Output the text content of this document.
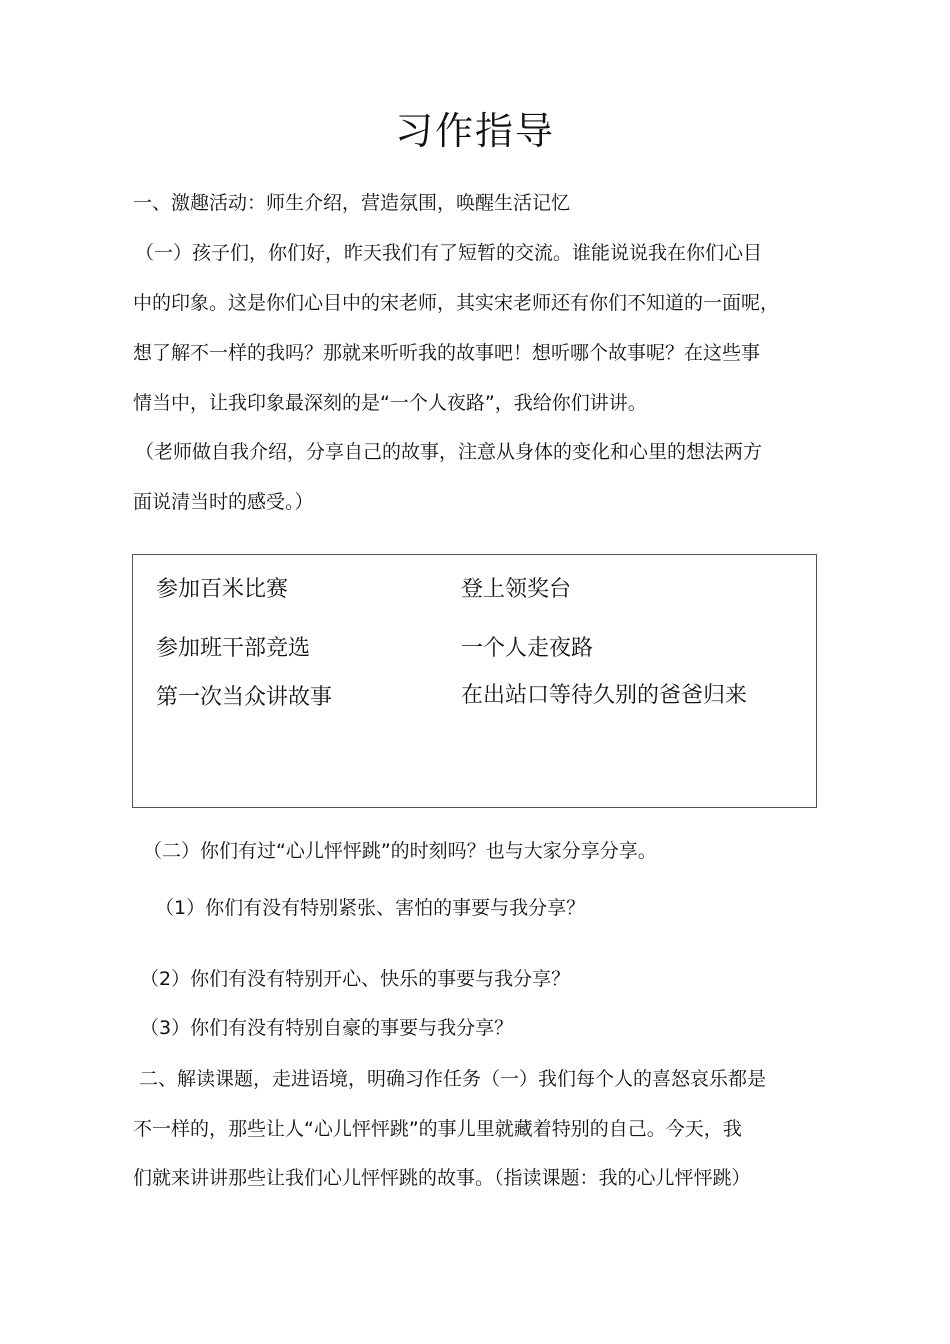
习作指导
一、激趣活动：师生介绍，营造氛围，唤醒生活记忆
（一）孩子们，你们好，昨天我们有了短暂的交流。谁能说说我在你们心目
中的印象。这是你们心目中的宋老师，其实宋老师还有你们不知道的一面呢，
想了解不一样的我吗？那就来听听我的故事吧！想听哪个故事呢？在这些事
情当中，让我印象最深刻的是“一个人夜路”，我给你们讲讲。
（老师做自我介绍，分享自己的故事，注意从身体的变化和心里的想法两方
面说清当时的感受。）
参加百米比赛	登上领奖台
参加班干部竞选	一个人走夜路
第一次当众讲故事	在出站口等待久别的爸爸归来
（二）你们有过“心儿怦怦跳”的时刻吗？也与大家分享分享。
（1）你们有没有特别紧张、害怕的事要与我分享？
（2）你们有没有特别开心、快乐的事要与我分享？
（3）你们有没有特别自豪的事要与我分享？
二、解读课题，走进语境，明确习作任务（一）我们每个人的喜怒哀乐都是
不一样的，那些让人“心儿怦怦跳”的事儿里就藏着特别的自己。今天，我
们就来讲讲那些让我们心儿怦怦跳的故事。（指读课题：我的心儿怦怦跳）
